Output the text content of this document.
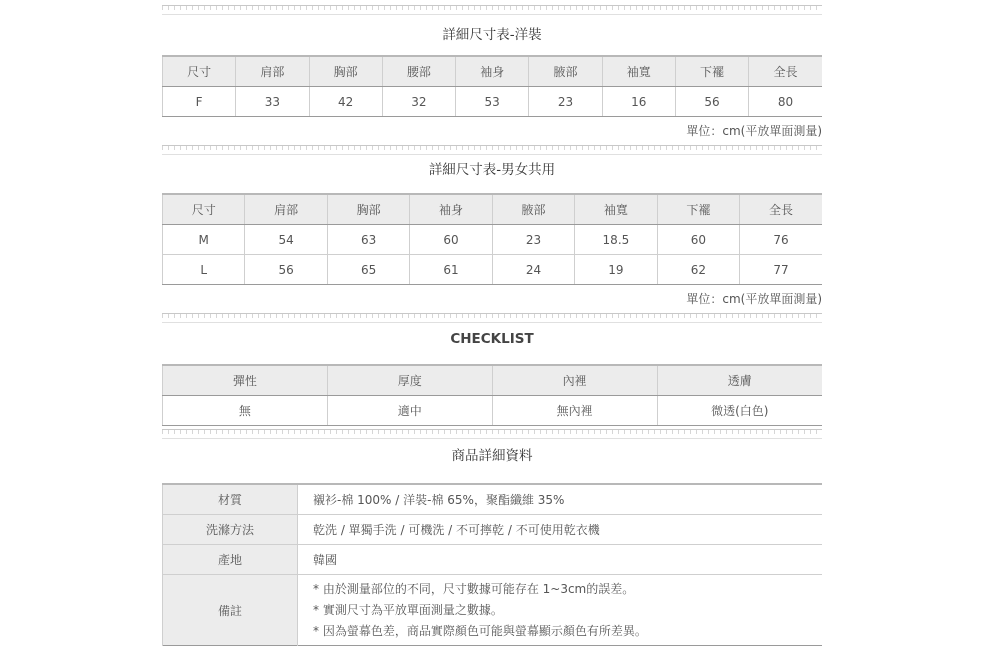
詳細尺寸表-洋裝
尺寸	肩部	胸部	腰部	袖身	腋部	袖寬	下襬	全長
F	33	42	32	53	23	16	56	80
單位：cm(平放單面測量)
詳細尺寸表-男女共用
尺寸	肩部	胸部	袖身	腋部	袖寬	下襬	全長
M	54	63	60	23	18.5	60	76
L	56	65	61	24	19	62	77
單位：cm(平放單面測量)
CHECKLIST
彈性	厚度	內裡	透膚
無	適中	無內裡	微透(白色)
商品詳細資料
材質	襯衫-棉 100% / 洋裝-棉 65%，聚酯纖維 35%
洗滌方法	乾洗 / 單獨手洗 / 可機洗 / 不可擰乾 / 不可使用乾衣機
產地	韓國
備註	* 由於測量部位的不同，尺寸數據可能存在 1~3cm的誤差。
* 實測尺寸為平放單面測量之數據。
* 因為螢幕色差，商品實際顏色可能與螢幕顯示顏色有所差異。
